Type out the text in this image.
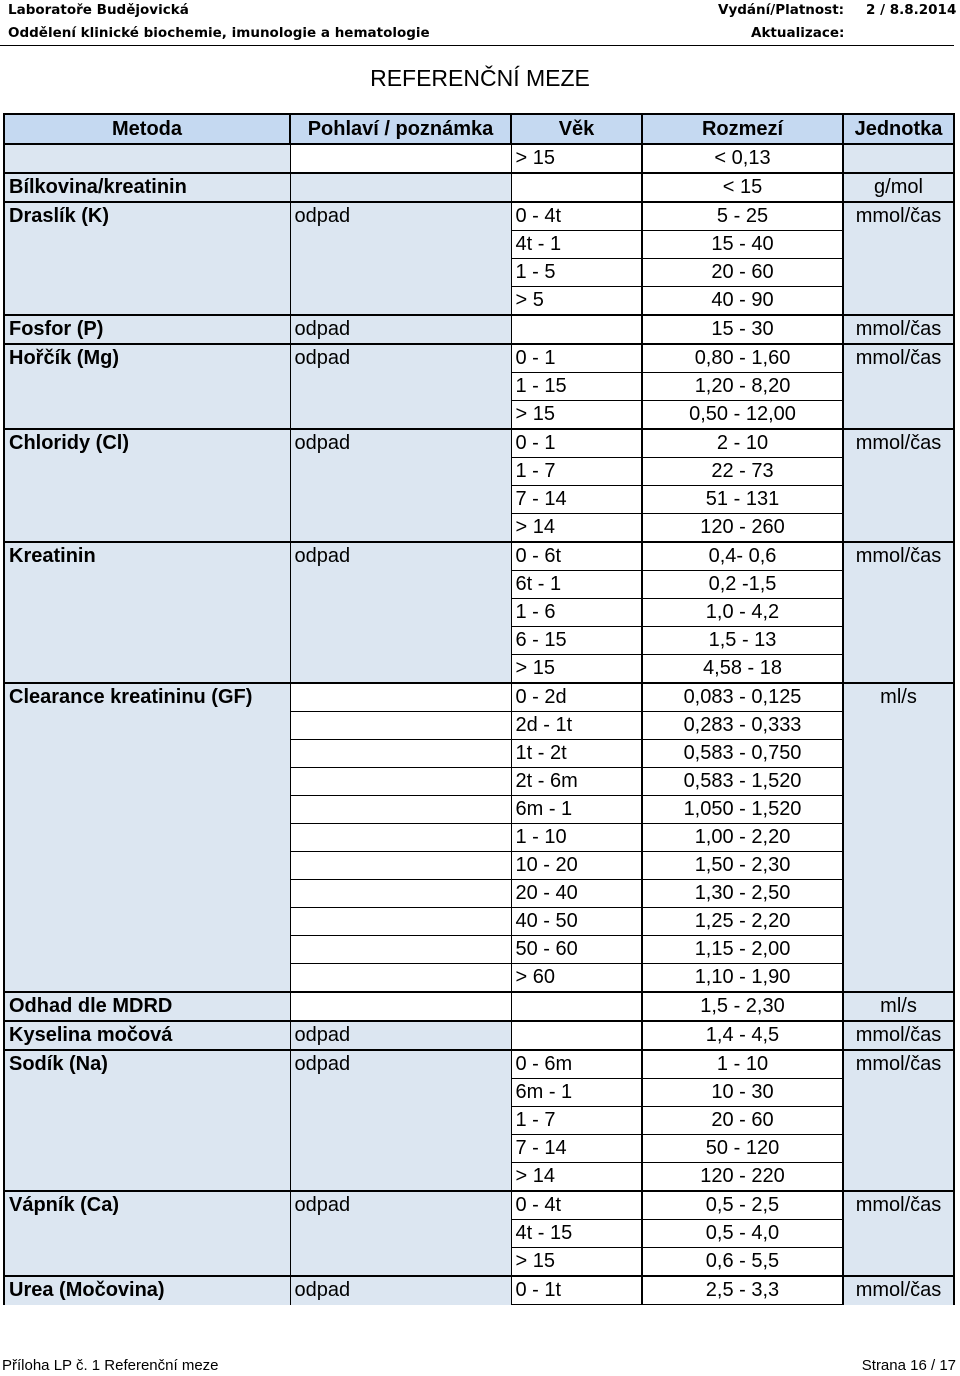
Laboratoře Budějovická
Oddělení klinické biochemie, imunologie a hematologie
Vydání/Platnost: 2 / 8.8.2014
Aktualizace:
REFERENČNÍ MEZE
Metoda	Pohlaví / poznámka	Věk	Rozmezí	Jednotka
		> 15	< 0,13	
Bílkovina/kreatinin			< 15	g/mol
Draslík (K)	odpad	0 - 4t	5 - 25	mmol/čas
		4t - 1	15 - 40	
		1 - 5	20 - 60	
		> 5	40 - 90	
Fosfor (P)	odpad		15 - 30	mmol/čas
Hořčík (Mg)	odpad	0 - 1	0,80 - 1,60	mmol/čas
		1 - 15	1,20 - 8,20	
		> 15	0,50 - 12,00	
Chloridy (Cl)	odpad	0 - 1	2 - 10	mmol/čas
		1 - 7	22 - 73	
		7 - 14	51 - 131	
		> 14	120 - 260	
Kreatinin	odpad	0 - 6t	0,4- 0,6	mmol/čas
		6t - 1	0,2 -1,5	
		1 - 6	1,0 - 4,2	
		6 - 15	1,5 - 13	
		> 15	4,58 - 18	
Clearance kreatininu (GF)		0 - 2d	0,083 - 0,125	ml/s
		2d - 1t	0,283 - 0,333	
		1t - 2t	0,583 - 0,750	
		2t - 6m	0,583 - 1,520	
		6m - 1	1,050 - 1,520	
		1 - 10	1,00 - 2,20	
		10 - 20	1,50 - 2,30	
		20 - 40	1,30 - 2,50	
		40 - 50	1,25 - 2,20	
		50 - 60	1,15 - 2,00	
		> 60	1,10 - 1,90	
Odhad dle MDRD			1,5 - 2,30	ml/s
Kyselina močová	odpad		1,4 - 4,5	mmol/čas
Sodík (Na)	odpad	0 - 6m	1 - 10	mmol/čas
		6m - 1	10 - 30	
		1 - 7	20 - 60	
		7 - 14	50 - 120	
		> 14	120 - 220	
Vápník (Ca)	odpad	0 - 4t	0,5 - 2,5	mmol/čas
		4t - 15	0,5 - 4,0	
		> 15	0,6 - 5,5	
Urea (Močovina)	odpad	0 - 1t	2,5 - 3,3	mmol/čas
Příloha LP č. 1 Referenční meze	Strana 16 / 17
